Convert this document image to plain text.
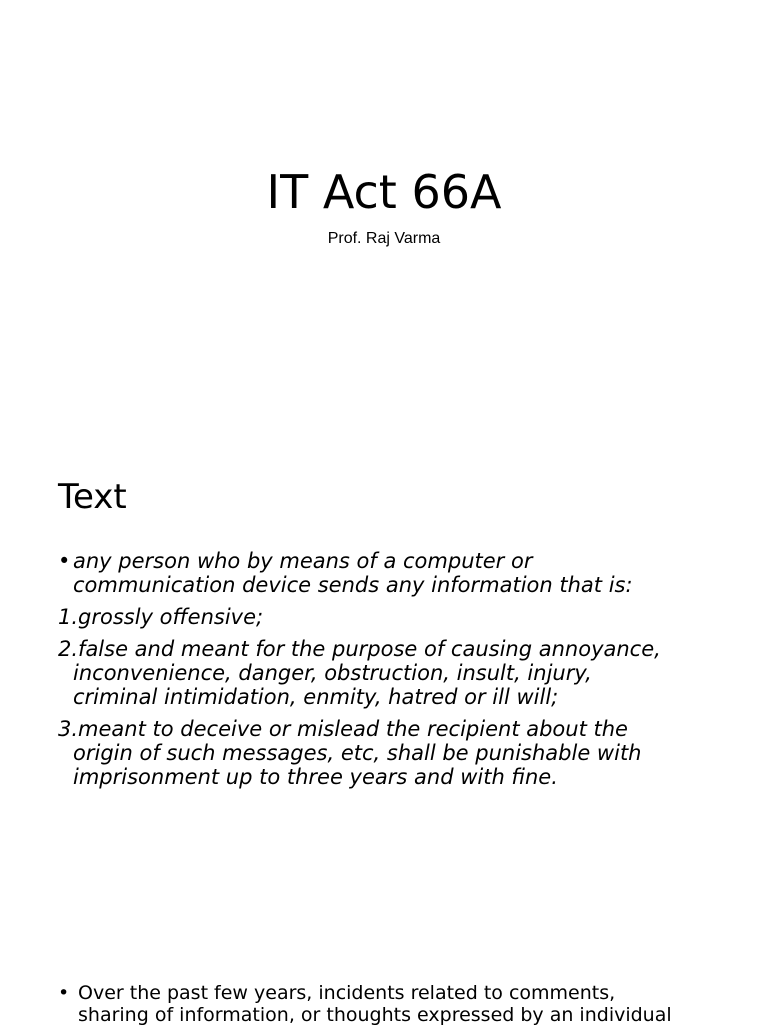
IT Act 66A
Prof. Raj Varma
Text
• any person who by means of a computer or
communication device sends any information that is:
1.grossly offensive;
2.false and meant for the purpose of causing annoyance,
inconvenience, danger, obstruction, insult, injury,
criminal intimidation, enmity, hatred or ill will;
3.meant to deceive or mislead the recipient about the
origin of such messages, etc, shall be punishable with
imprisonment up to three years and with fine.
• Over the past few years, incidents related to comments,
sharing of information, or thoughts expressed by an individual
